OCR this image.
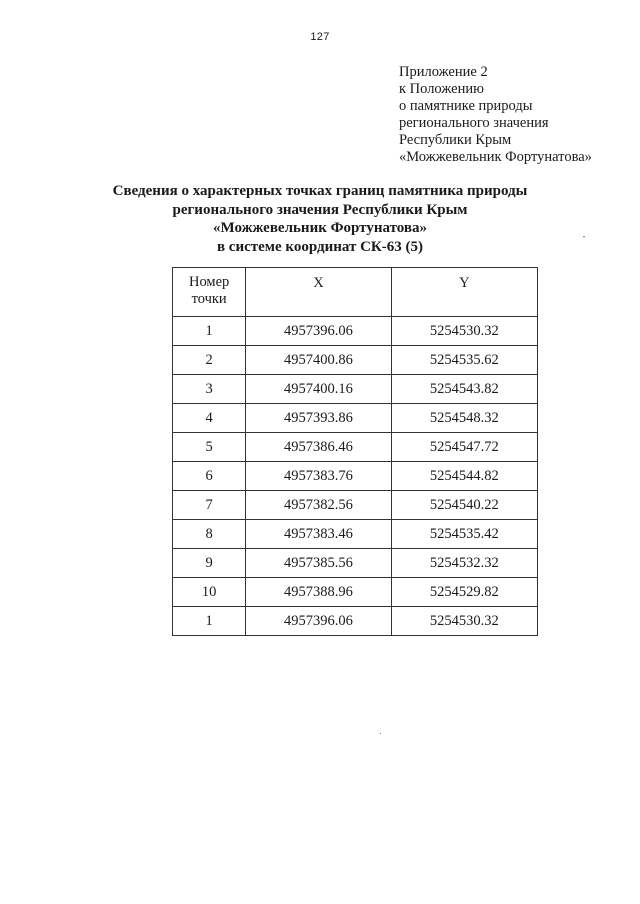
127
Приложение 2
к Положению
о памятнике природы
регионального значения
Республики Крым
«Можжевельник Фортунатова»
Сведения о характерных точках границ памятника природы
регионального значения Республики Крым
«Можжевельник Фортунатова»
в системе координат СК-63 (5)
Номер
точки	X	Y
1	4957396.06	5254530.32
2	4957400.86	5254535.62
3	4957400.16	5254543.82
4	4957393.86	5254548.32
5	4957386.46	5254547.72
6	4957383.76	5254544.82
7	4957382.56	5254540.22
8	4957383.46	5254535.42
9	4957385.56	5254532.32
10	4957388.96	5254529.82
1	4957396.06	5254530.32
